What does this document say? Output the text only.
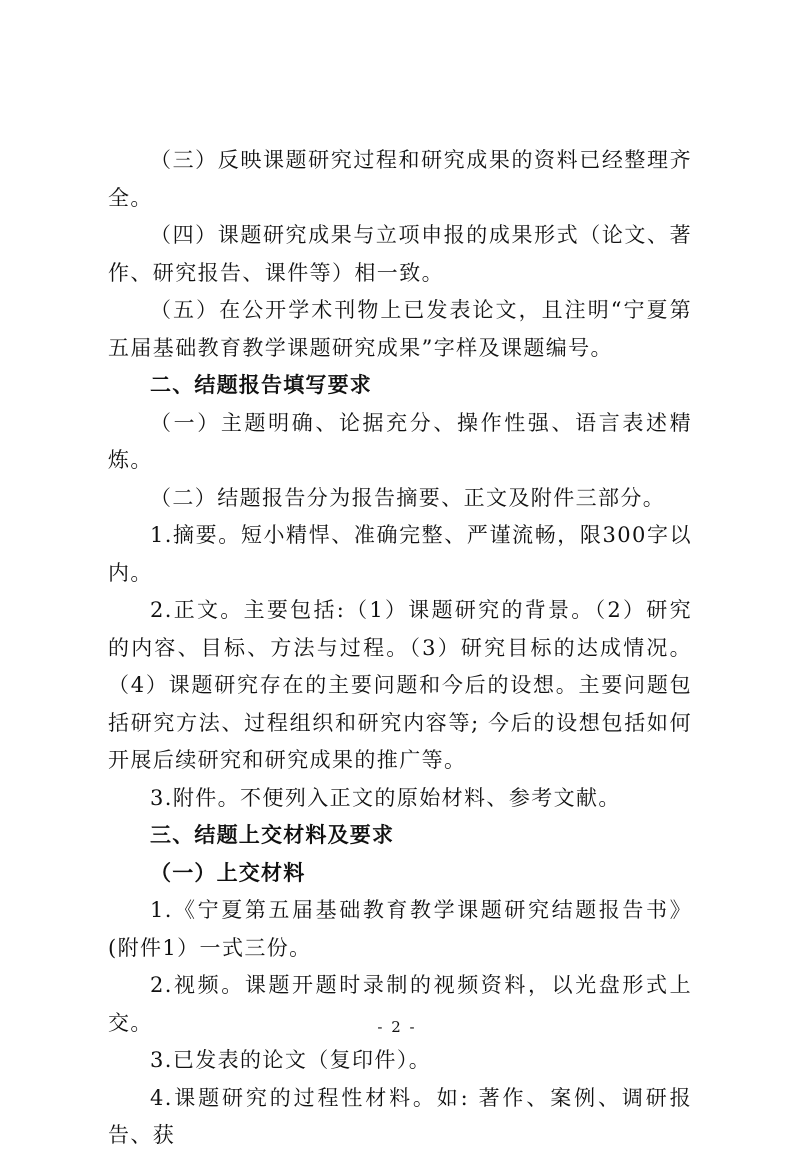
（三）反映课题研究过程和研究成果的资料已经整理齐全。

（四）课题研究成果与立项申报的成果形式（论文、著作、研究报告、课件等）相一致。

（五）在公开学术刊物上已发表论文，且注明“宁夏第五届基础教育教学课题研究成果”字样及课题编号。

二、结题报告填写要求

（一）主题明确、论据充分、操作性强、语言表述精炼。

（二）结题报告分为报告摘要、正文及附件三部分。

1.摘要。短小精悍、准确完整、严谨流畅，限300字以内。

2.正文。主要包括:（1）课题研究的背景。（2）研究的内容、目标、方法与过程。（3）研究目标的达成情况。（4）课题研究存在的主要问题和今后的设想。主要问题包括研究方法、过程组织和研究内容等; 今后的设想包括如何开展后续研究和研究成果的推广等。

3.附件。不便列入正文的原始材料、参考文献。

三、结题上交材料及要求

（一）上交材料

1.《宁夏第五届基础教育教学课题研究结题报告书》(附件1）一式三份。

2.视频。课题开题时录制的视频资料，以光盘形式上交。

3.已发表的论文（复印件）。

4.课题研究的过程性材料。如: 著作、案例、调研报告、获

- 2 -
